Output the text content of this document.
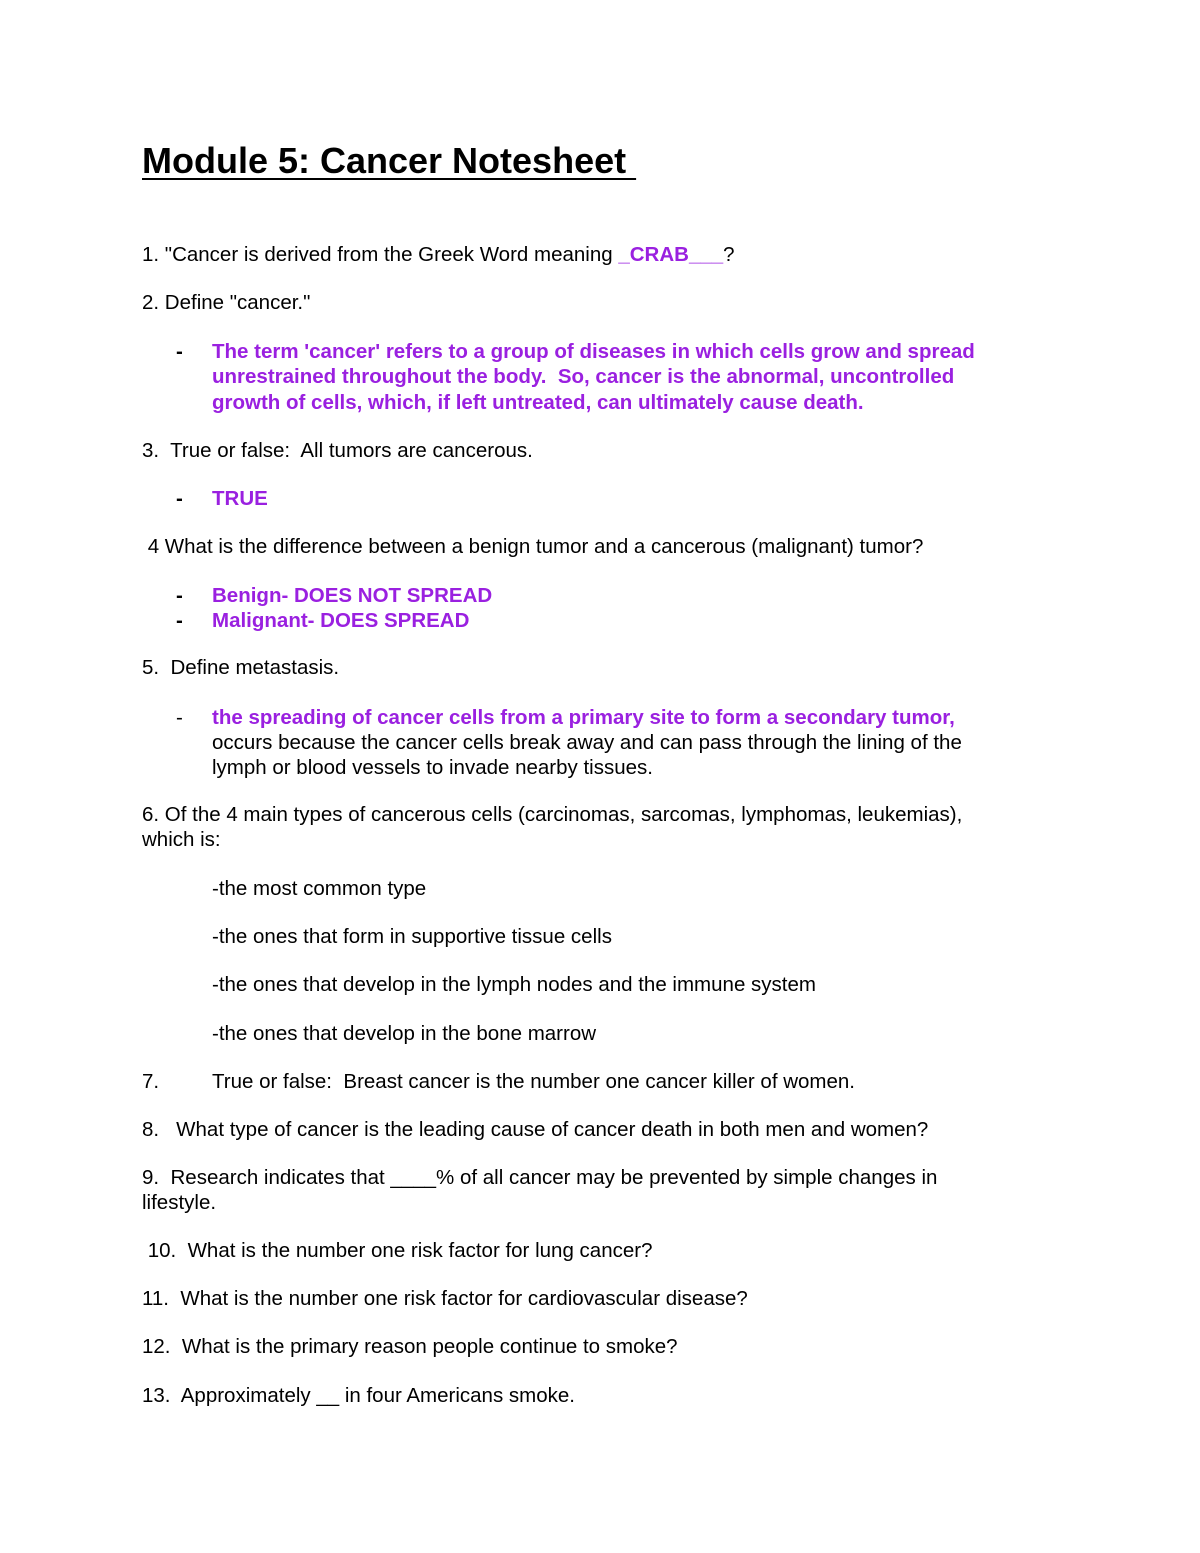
Module 5: Cancer Notesheet
1. "Cancer is derived from the Greek Word meaning _CRAB___?
2. Define "cancer."
- The term 'cancer' refers to a group of diseases in which cells grow and spread
unrestrained throughout the body.  So, cancer is the abnormal, uncontrolled
growth of cells, which, if left untreated, can ultimately cause death.
3.  True or false:  All tumors are cancerous.
- TRUE
4 What is the difference between a benign tumor and a cancerous (malignant) tumor?
- Benign- DOES NOT SPREAD
- Malignant- DOES SPREAD
5.  Define metastasis.
- the spreading of cancer cells from a primary site to form a secondary tumor,
occurs because the cancer cells break away and can pass through the lining of the
lymph or blood vessels to invade nearby tissues.
6. Of the 4 main types of cancerous cells (carcinomas, sarcomas, lymphomas, leukemias),
which is:
-the most common type
-the ones that form in supportive tissue cells
-the ones that develop in the lymph nodes and the immune system
-the ones that develop in the bone marrow
7.	True or false:  Breast cancer is the number one cancer killer of women.
8.   What type of cancer is the leading cause of cancer death in both men and women?
9.  Research indicates that ____% of all cancer may be prevented by simple changes in
lifestyle.
10.  What is the number one risk factor for lung cancer?
11.  What is the number one risk factor for cardiovascular disease?
12.  What is the primary reason people continue to smoke?
13.  Approximately __ in four Americans smoke.
